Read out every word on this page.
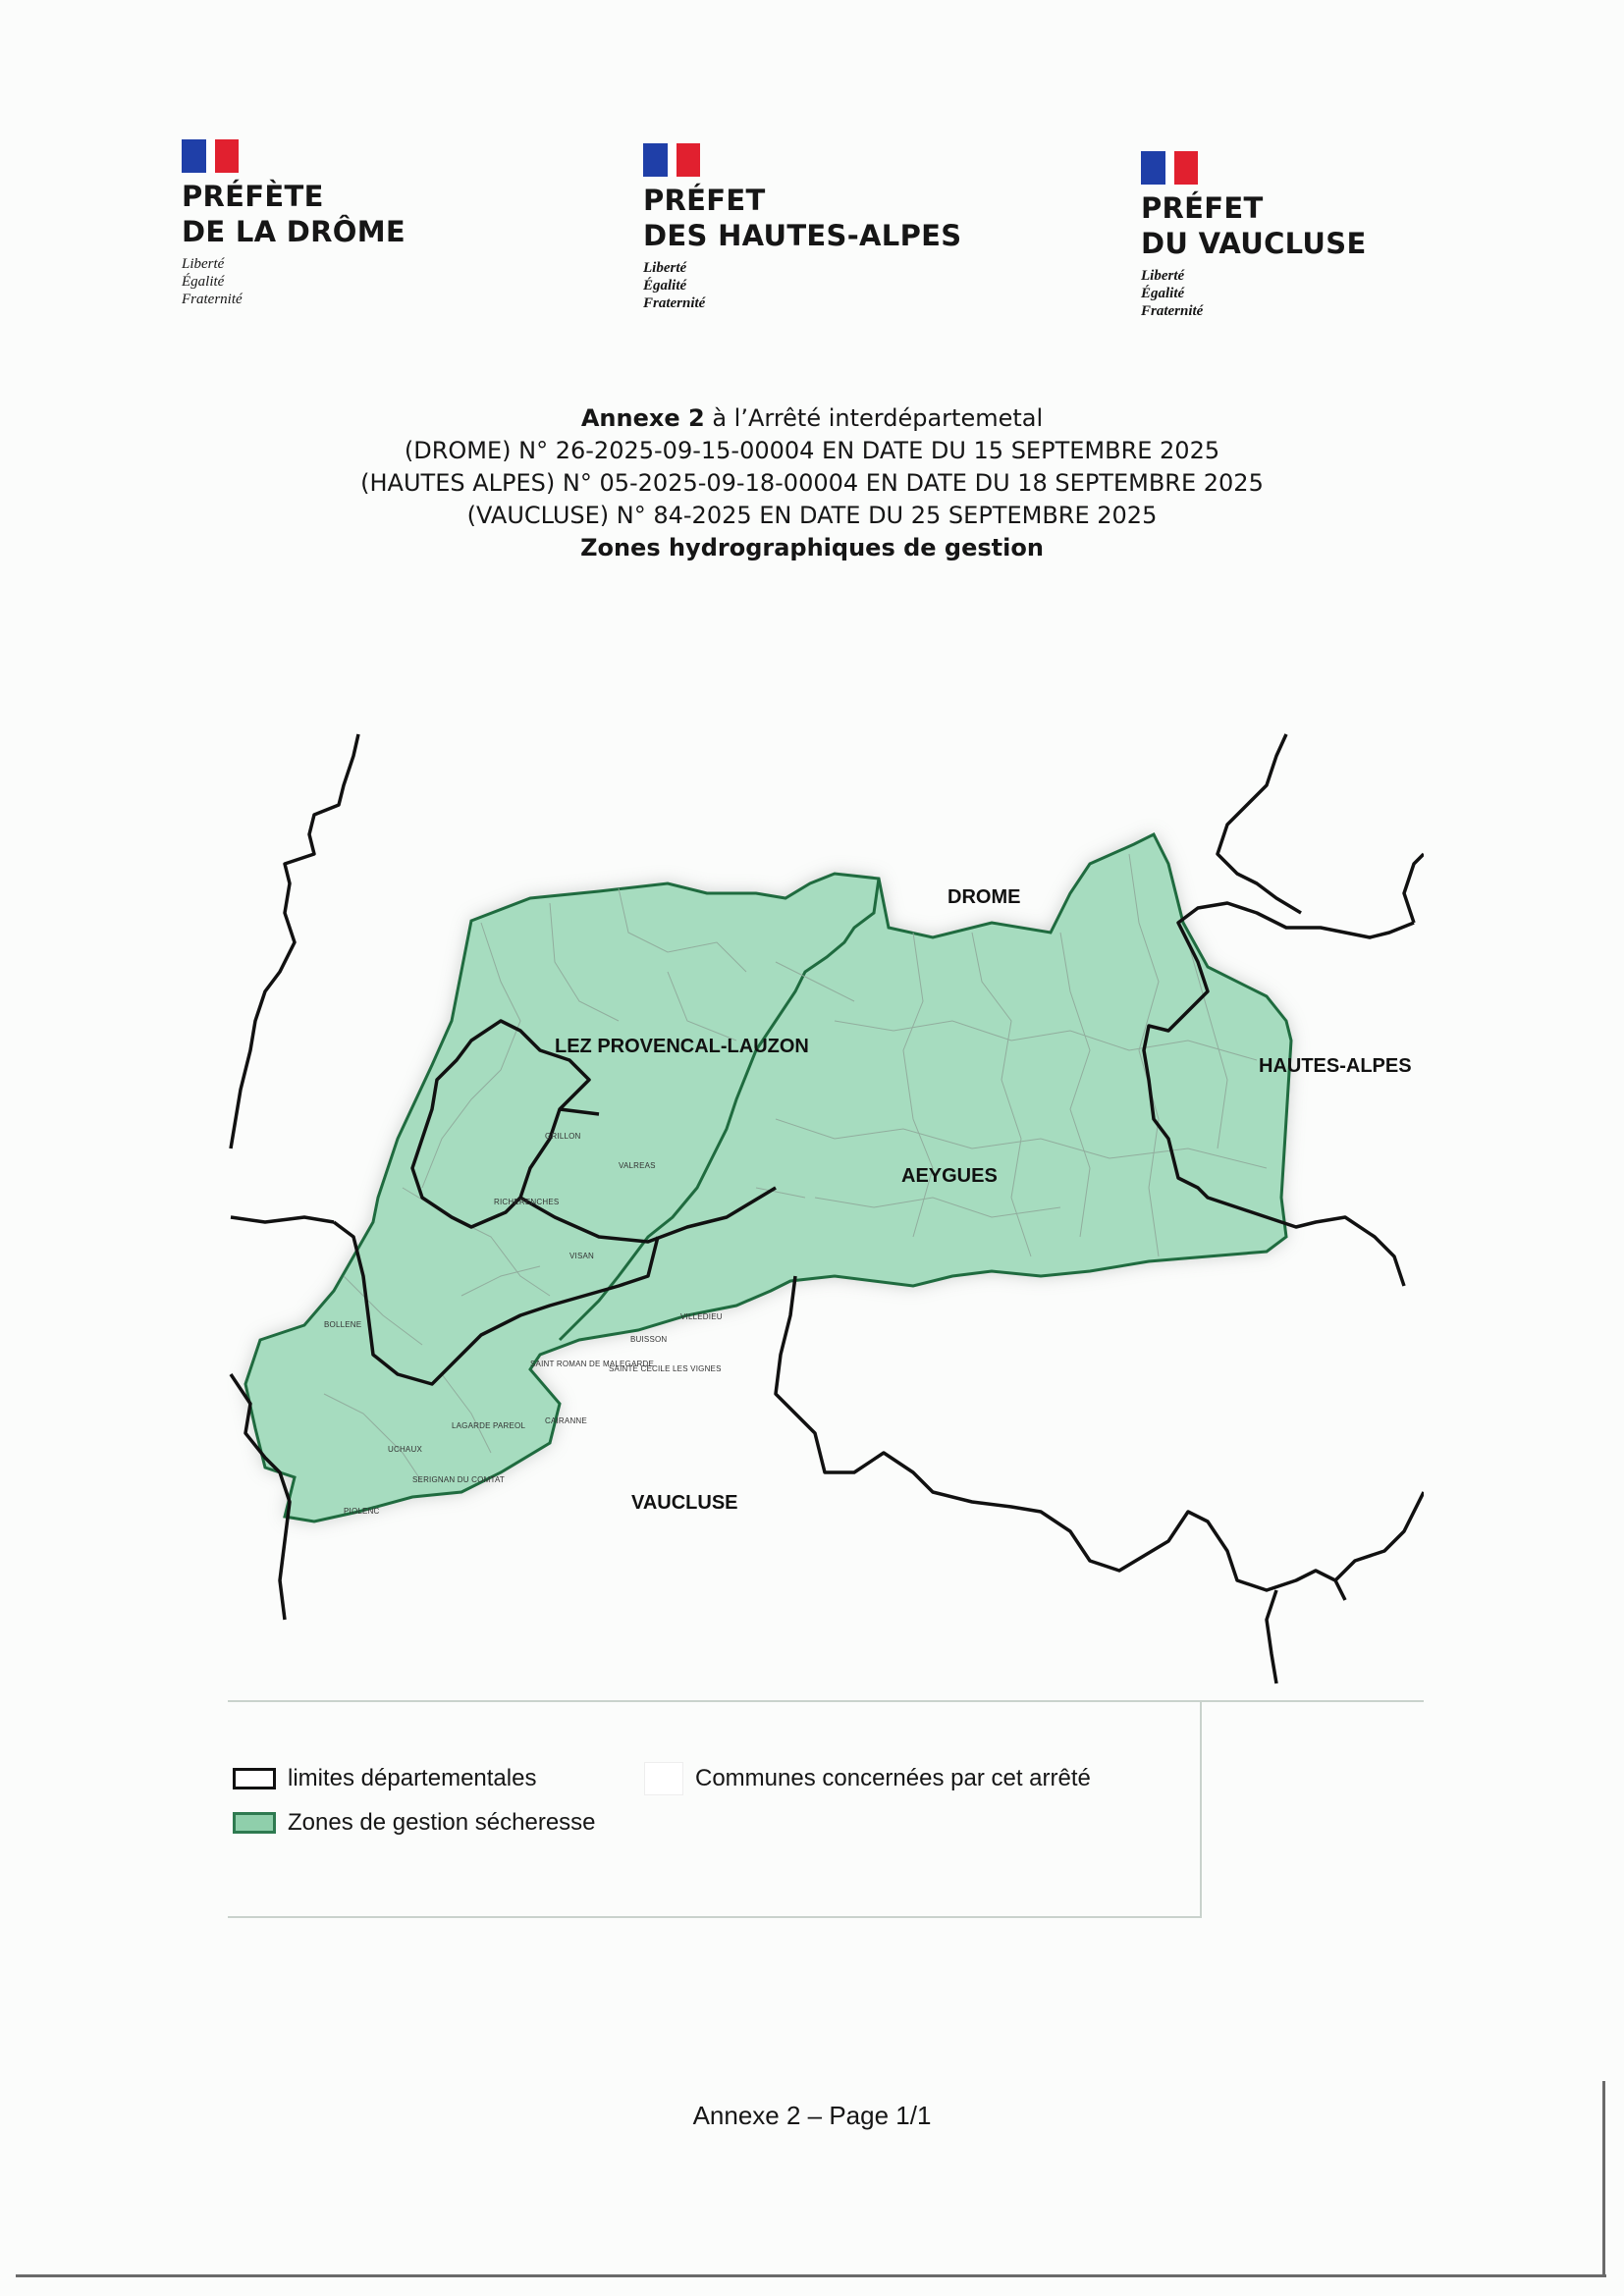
PRÉFÈTE
DE LA DRÔME
Liberté
Égalité
Fraternité
PRÉFET
DES HAUTES-ALPES
Liberté
Égalité
Fraternité
PRÉFET
DU VAUCLUSE
Liberté
Égalité
Fraternité
Annexe 2 à l’Arrêté interdépartemetal
(DROME) N° 26-2025-09-15-00004 EN DATE DU 15 SEPTEMBRE 2025
(HAUTES ALPES) N° 05-2025-09-18-00004 EN DATE DU 18 SEPTEMBRE 2025
(VAUCLUSE) N° 84-2025 EN DATE DU 25 SEPTEMBRE 2025
Zones hydrographiques de gestion
DROME
HAUTES-ALPES
VAUCLUSE
LEZ PROVENCAL-LAUZON
AEYGUES
GRILLON
VALREAS
RICHERENCHES
VISAN
BOLLENE
VILLEDIEU
BUISSON
SAINT ROMAN DE MALEGARDE
SAINTE CECILE LES VIGNES
CAIRANNE
LAGARDE PAREOL
UCHAUX
SERIGNAN DU COMTAT
PIOLENC
limites départementales
Zones de gestion sécheresse
Communes concernées par cet arrêté
Annexe 2 – Page 1/1
